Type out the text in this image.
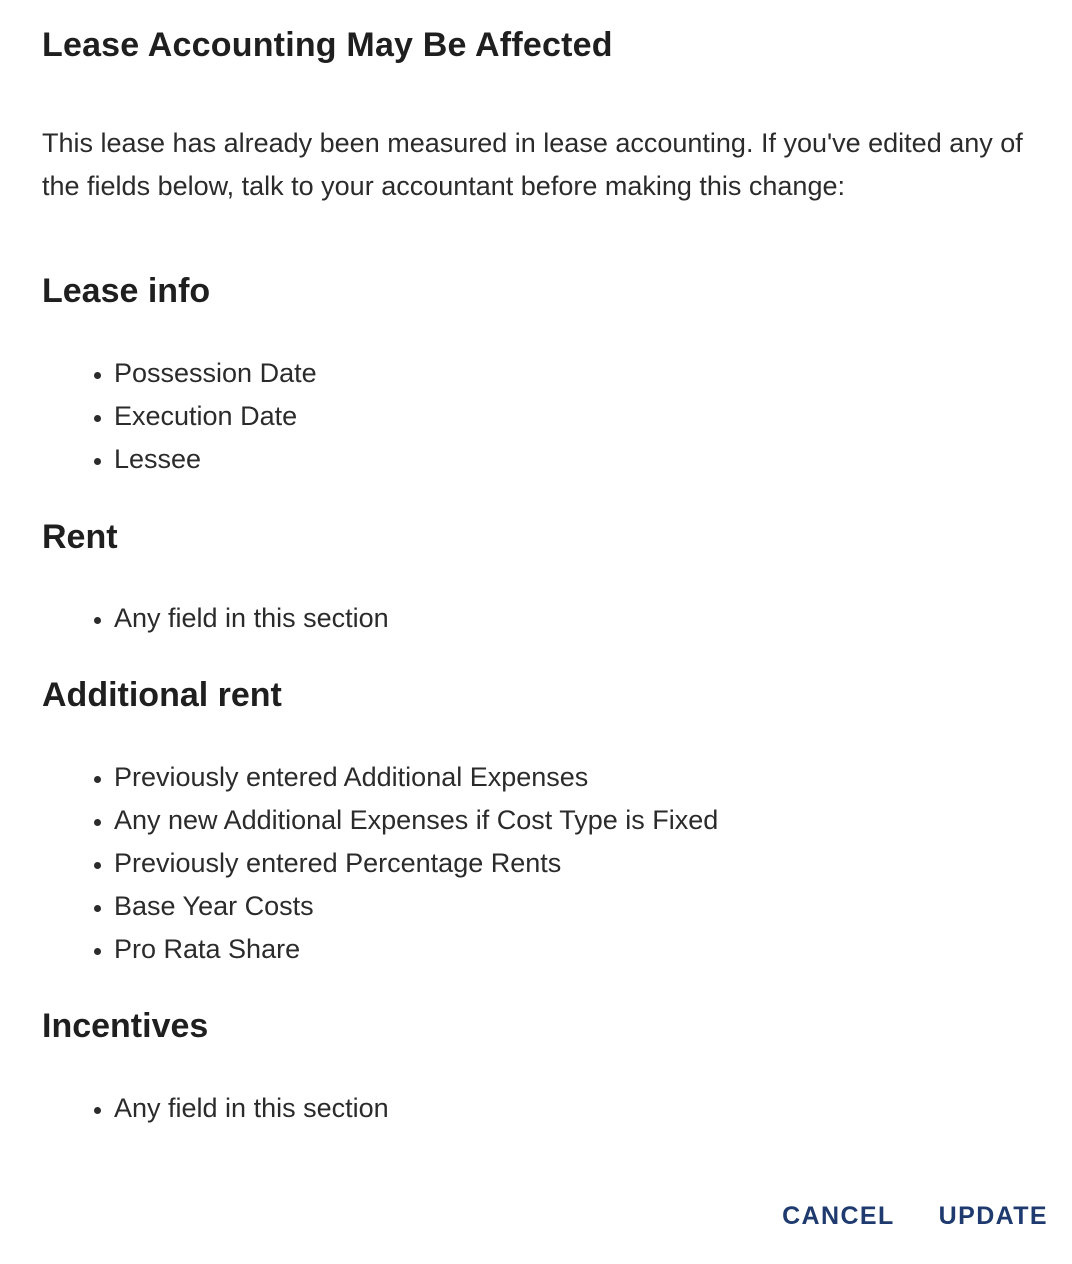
Lease Accounting May Be Affected

This lease has already been measured in lease accounting. If you've edited any of the fields below, talk to your accountant before making this change:

Lease info
• Possession Date
• Execution Date
• Lessee
Rent
• Any field in this section
Additional rent
• Previously entered Additional Expenses
• Any new Additional Expenses if Cost Type is Fixed
• Previously entered Percentage Rents
• Base Year Costs
• Pro Rata Share
Incentives
• Any field in this section
CANCEL UPDATE
